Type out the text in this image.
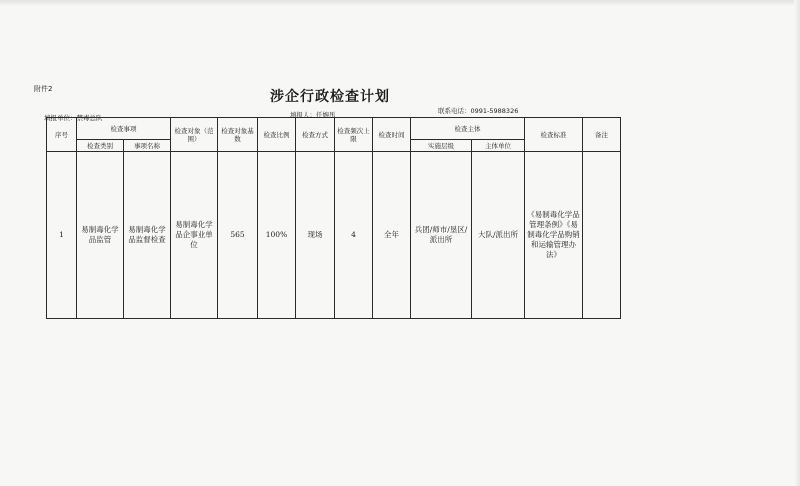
附件2	涉企行政检查计划
填报单位：禁毒总队	填报人：任婉彤	联系电话：0991-5988326
序号	检查事项		检查对象（范围）	检查对象基数	检查比例	检查方式	检查频次上限	检查时间	检查主体		检查标准	备注
	检查类别	事项名称							实施层级	主体单位		
1	易制毒化学品监管	易制毒化学品监督检查	易制毒化学品企事业单位	565	100%	现场	4	全年	兵团/师市/垦区/派出所	大队/派出所	《易制毒化学品管理条例》《易制毒化学品购销和运输管理办法》	
